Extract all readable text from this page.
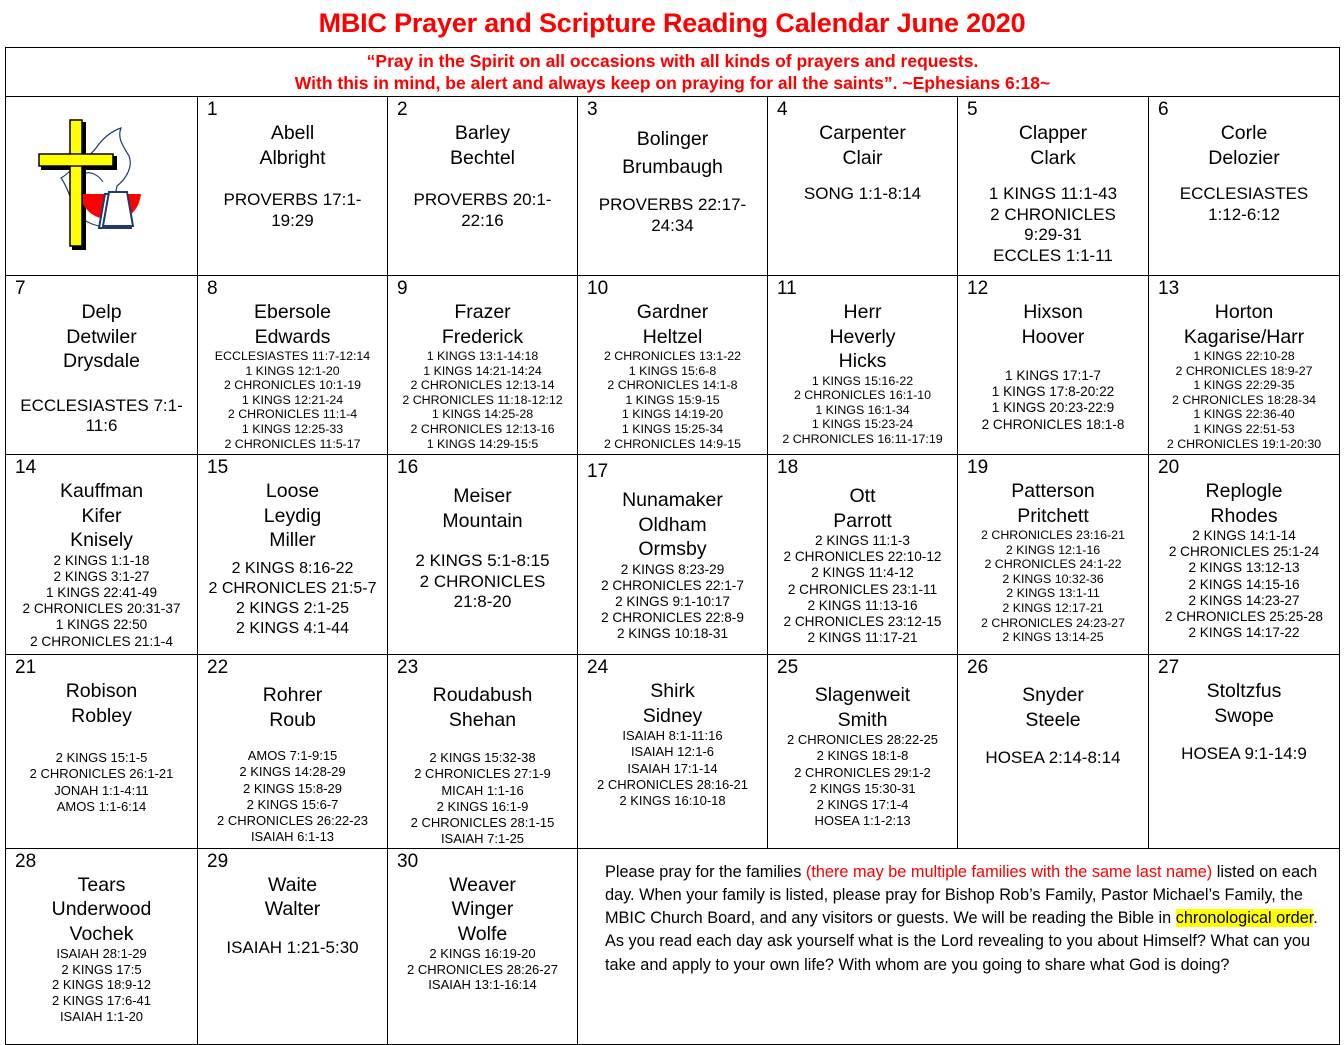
MBIC Prayer and Scripture Reading Calendar June 2020
“Pray in the Spirit on all occasions with all kinds of prayers and requests.
With this in mind, be alert and always keep on praying for all the saints”. ~Ephesians 6:18~						

1
Abell
Albright
PROVERBS 17:1-
19:29

2
Barley
Bechtel
PROVERBS 20:1-
22:16

3
Bolinger
Brumbaugh
PROVERBS 22:17-
24:34

4
Carpenter
Clair
SONG 1:1-8:14

5
Clapper
Clark
1 KINGS 11:1-43
2 CHRONICLES
9:29-31
ECCLES 1:1-11

6
Corle
Delozier
ECCLESIASTES
1:12-6:12

7
Delp
Detwiler
Drysdale
ECCLESIASTES 7:1-
11:6

8
Ebersole
Edwards
ECCLESIASTES 11:7-12:14
1 KINGS 12:1-20
2 CHRONICLES 10:1-19
1 KINGS 12:21-24
2 CHRONICLES 11:1-4
1 KINGS 12:25-33
2 CHRONICLES 11:5-17

9
Frazer
Frederick
1 KINGS 13:1-14:18
1 KINGS 14:21-14:24
2 CHRONICLES 12:13-14
2 CHRONICLES 11:18-12:12
1 KINGS 14:25-28
2 CHRONICLES 12:13-16
1 KINGS 14:29-15:5

10
Gardner
Heltzel
2 CHRONICLES 13:1-22
1 KINGS 15:6-8
2 CHRONICLES 14:1-8
1 KINGS 15:9-15
1 KINGS 14:19-20
1 KINGS 15:25-34
2 CHRONICLES 14:9-15

11
Herr
Heverly
Hicks
1 KINGS 15:16-22
2 CHRONICLES 16:1-10
1 KINGS 16:1-34
1 KINGS 15:23-24
2 CHRONICLES 16:11-17:19

12
Hixson
Hoover
1 KINGS 17:1-7
1 KINGS 17:8-20:22
1 KINGS 20:23-22:9
2 CHRONICLES 18:1-8

13
Horton
Kagarise/Harr
1 KINGS 22:10-28
2 CHRONICLES 18:9-27
1 KINGS 22:29-35
2 CHRONICLES 18:28-34
1 KINGS 22:36-40
1 KINGS 22:51-53
2 CHRONICLES 19:1-20:30

14
Kauffman
Kifer
Knisely
2 KINGS 1:1-18
2 KINGS 3:1-27
1 KINGS 22:41-49
2 CHRONICLES 20:31-37
1 KINGS 22:50
2 CHRONICLES 21:1-4

15
Loose
Leydig
Miller
2 KINGS 8:16-22
2 CHRONICLES 21:5-7
2 KINGS 2:1-25
2 KINGS 4:1-44

16
Meiser
Mountain
2 KINGS 5:1-8:15
2 CHRONICLES
21:8-20

17
Nunamaker
Oldham
Ormsby
2 KINGS 8:23-29
2 CHRONICLES 22:1-7
2 KINGS 9:1-10:17
2 CHRONICLES 22:8-9
2 KINGS 10:18-31

18
Ott
Parrott
2 KINGS 11:1-3
2 CHRONICLES 22:10-12
2 KINGS 11:4-12
2 CHRONICLES 23:1-11
2 KINGS 11:13-16
2 CHRONICLES 23:12-15
2 KINGS 11:17-21

19
Patterson
Pritchett
2 CHRONICLES 23:16-21
2 KINGS 12:1-16
2 CHRONICLES 24:1-22
2 KINGS 10:32-36
2 KINGS 13:1-11
2 KINGS 12:17-21
2 CHRONICLES 24:23-27
2 KINGS 13:14-25

20
Replogle
Rhodes
2 KINGS 14:1-14
2 CHRONICLES 25:1-24
2 KINGS 13:12-13
2 KINGS 14:15-16
2 KINGS 14:23-27
2 CHRONICLES 25:25-28
2 KINGS 14:17-22

21
Robison
Robley
2 KINGS 15:1-5
2 CHRONICLES 26:1-21
JONAH 1:1-4:11
AMOS 1:1-6:14

22
Rohrer
Roub
AMOS 7:1-9:15
2 KINGS 14:28-29
2 KINGS 15:8-29
2 KINGS 15:6-7
2 CHRONICLES 26:22-23
ISAIAH 6:1-13

23
Roudabush
Shehan
2 KINGS 15:32-38
2 CHRONICLES 27:1-9
MICAH 1:1-16
2 KINGS 16:1-9
2 CHRONICLES 28:1-15
ISAIAH 7:1-25

24
Shirk
Sidney
ISAIAH 8:1-11:16
ISAIAH 12:1-6
ISAIAH 17:1-14
2 CHRONICLES 28:16-21
2 KINGS 16:10-18

25
Slagenweit
Smith
2 CHRONICLES 28:22-25
2 KINGS 18:1-8
2 CHRONICLES 29:1-2
2 KINGS 15:30-31
2 KINGS 17:1-4
HOSEA 1:1-2:13

26
Snyder
Steele
HOSEA 2:14-8:14

27
Stoltzfus
Swope
HOSEA 9:1-14:9

28
Tears
Underwood
Vochek
ISAIAH 28:1-29
2 KINGS 17:5
2 KINGS 18:9-12
2 KINGS 17:6-41
ISAIAH 1:1-20

29
Waite
Walter
ISAIAH 1:21-5:30

30
Weaver
Winger
Wolfe
2 KINGS 16:19-20
2 CHRONICLES 28:26-27
ISAIAH 13:1-16:14
	Please pray for the families (there may be multiple families with the same last name) listed on each day. When your family is listed, please pray for Bishop Rob’s Family, Pastor Michael’s Family, the MBIC Church Board, and any visitors or guests. We will be reading the Bible in chronological order. As you read each day ask yourself what is the Lord revealing to you about Himself? What can you take and apply to your own life? With whom are you going to share what God is doing?
